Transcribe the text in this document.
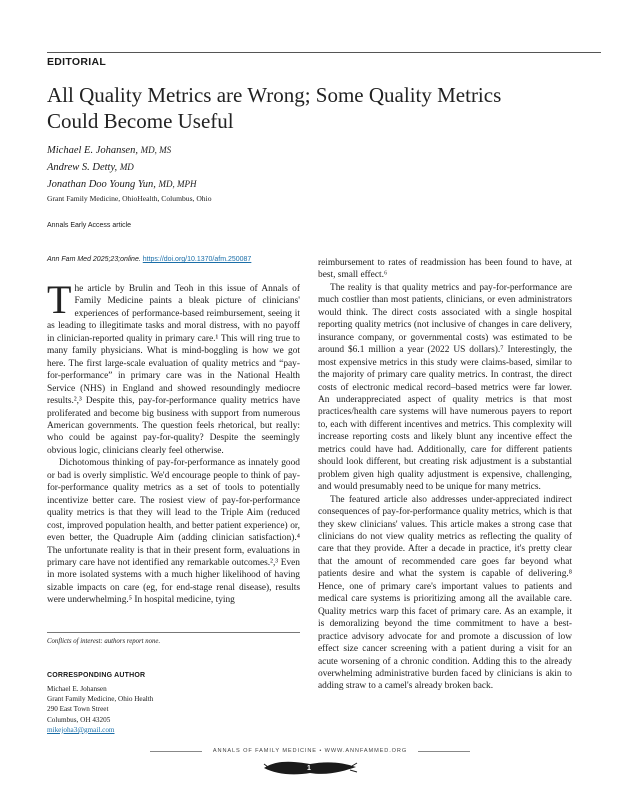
EDITORIAL
All Quality Metrics are Wrong; Some Quality Metrics Could Become Useful
Michael E. Johansen, MD, MS
Andrew S. Detty, MD
Jonathan Doo Young Yun, MD, MPH
Grant Family Medicine, OhioHealth, Columbus, Ohio
Annals Early Access article
Ann Fam Med 2025;23;online. https://doi.org/10.1370/afm.250087

The article by Brulin and Teoh in this issue of Annals of Family Medicine paints a bleak picture of clinicians' experiences of performance-based reimbursement, seeing it as leading to illegitimate tasks and moral distress, with no payoff in clinician-reported quality in primary care.¹ This will ring true to many family physicians. What is mind-boggling is how we got here. The first large-scale evaluation of quality metrics and “pay-for-performance” in primary care was in the National Health Service (NHS) in England and showed resoundingly mediocre results.²,³ Despite this, pay-for-performance quality metrics have proliferated and become big business with support from numerous American governments. The question feels rhetorical, but really: who could be against pay-for-quality? Despite the seemingly obvious logic, clinicians clearly feel otherwise.

Dichotomous thinking of pay-for-performance as innately good or bad is overly simplistic. We'd encourage people to think of pay-for-performance quality metrics as a set of tools to potentially incentivize better care. The rosiest view of pay-for-performance quality metrics is that they will lead to the Triple Aim (reduced cost, improved population health, and better patient experience) or, even better, the Quadruple Aim (adding clinician satisfaction).⁴ The unfortunate reality is that in their present form, evaluations in primary care have not identified any remarkable outcomes.²,³ Even in more isolated systems with a much higher likelihood of having sizable impacts on care (eg, for end-stage renal disease), results were underwhelming.⁵ In hospital medicine, tying

reimbursement to rates of readmission has been found to have, at best, small effect.⁶

The reality is that quality metrics and pay-for-performance are much costlier than most patients, clinicians, or even administrators would think. The direct costs associated with a single hospital reporting quality metrics (not inclusive of changes in care delivery, insurance company, or governmental costs) was estimated to be around $6.1 million a year (2022 US dollars).⁷ Interestingly, the most expensive metrics in this study were claims-based, similar to the majority of primary care quality metrics. In contrast, the direct costs of electronic medical record–based metrics were far lower. An underappreciated aspect of quality metrics is that most practices/health care systems will have numerous payers to report to, each with different incentives and metrics. This complexity will increase reporting costs and likely blunt any incentive effect the metrics could have had. Additionally, care for different patients should look different, but creating risk adjustment is a substantial problem given high quality adjustment is expensive, challenging, and would presumably need to be unique for many metrics.

The featured article also addresses under-appreciated indirect consequences of pay-for-performance quality metrics, which is that they skew clinicians' values. This article makes a strong case that clinicians do not view quality metrics as reflecting the quality of care that they provide. After a decade in practice, it's pretty clear that the amount of recommended care goes far beyond what patients desire and what the system is capable of delivering.⁸ Hence, one of primary care's important values to patients and medical care systems is prioritizing among all the available care. Quality metrics warp this facet of primary care. As an example, it is demoralizing beyond the time commitment to have a best-practice advisory advocate for and promote a discussion of low effect size cancer screening with a patient during a visit for an acute worsening of a chronic condition. Adding this to the already overwhelming administrative burden faced by clinicians is akin to adding straw to a camel's already broken back.

Conflicts of interest: authors report none.
CORRESPONDING AUTHOR
Michael E. Johansen
Grant Family Medicine, Ohio Health
290 East Town Street
Columbus, OH 43205
mikejoha3@gmail.com
ANNALS OF FAMILY MEDICINE • WWW.ANNFAMMED.ORG
1
